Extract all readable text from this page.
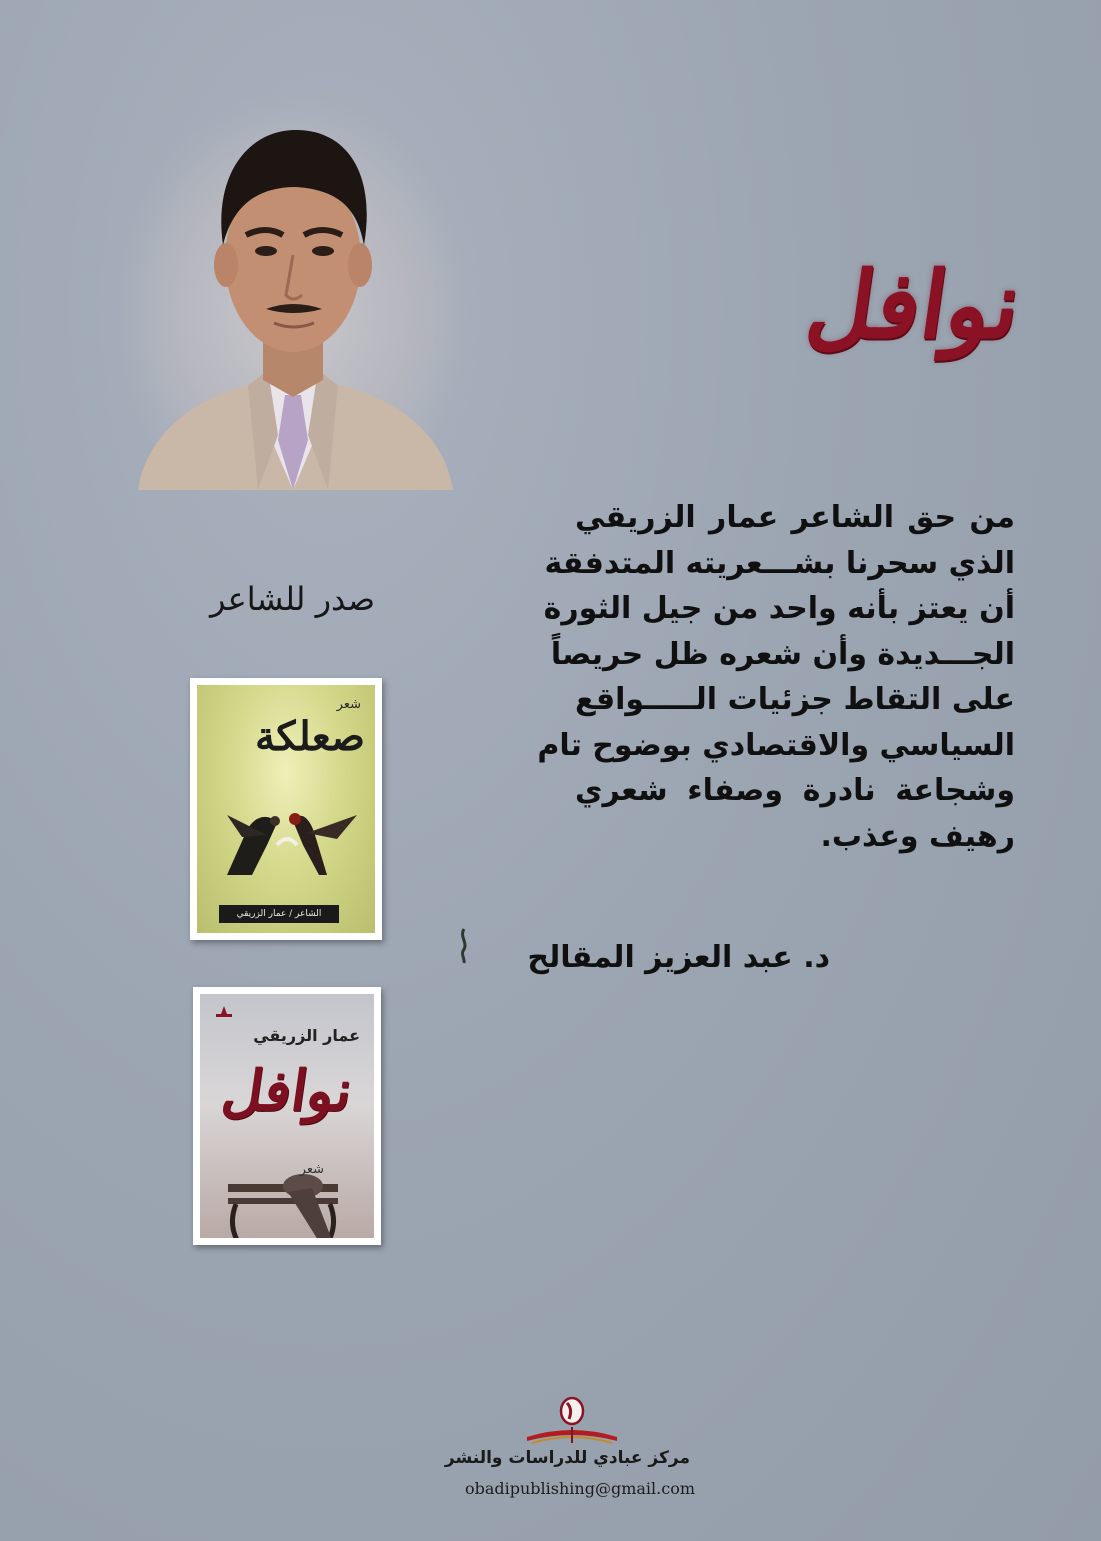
نوافل
من حق الشاعر عمار الزريقي
الذي سحرنا بشـــعريته المتدفقة
أن يعتز بأنه واحد من جيل الثورة
الجـــديدة وأن شعره ظل حريصاً
على التقاط جزئيات الـــــواقع
السياسي والاقتصادي بوضوح تام
وشجاعة نادرة وصفاء شعري
رهيف وعذب.
د. عبد العزيز المقالح
صدر للشاعر
شعر
صعلكة
الشاعر / عمار الزريقي
عمار الزريقي
نوافل
شعر
مركز عبادي للدراسات والنشر
obadipublishing@gmail.com
